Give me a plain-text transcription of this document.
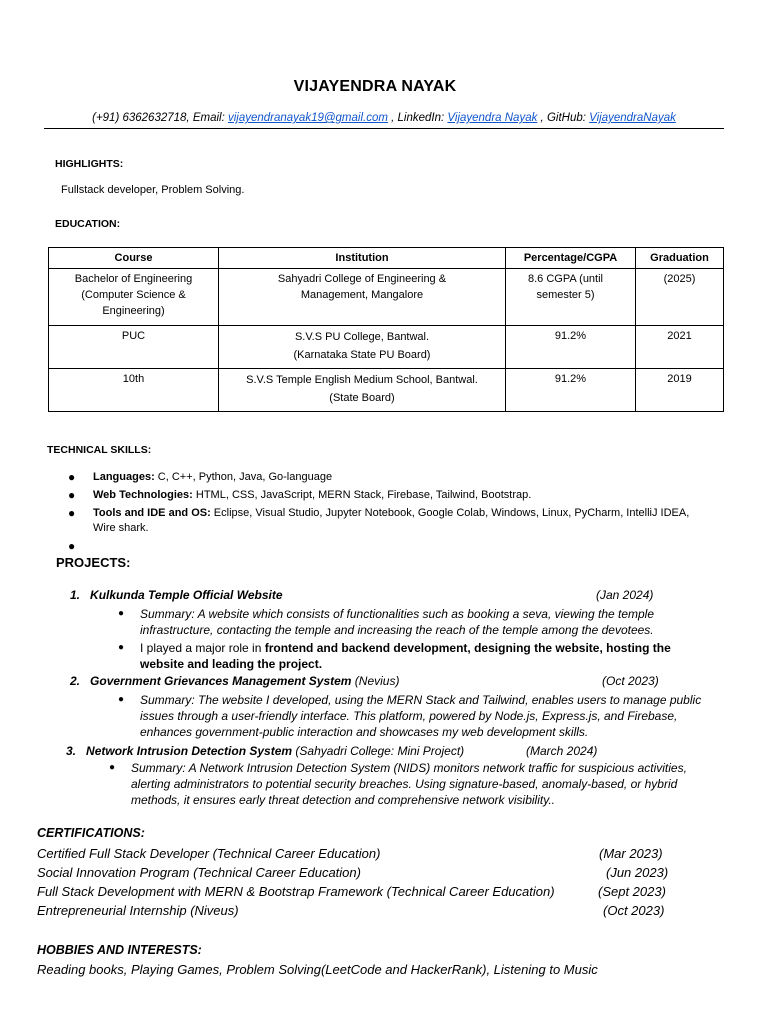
VIJAYENDRA NAYAK
(+91) 6362632718, Email: vijayendranayak19@gmail.com , LinkedIn: Vijayendra Nayak , GitHub: VijayendraNayak
HIGHLIGHTS:
Fullstack developer, Problem Solving.
EDUCATION:
Course	Institution	Percentage/CGPA	Graduation
Bachelor of Engineering (Computer Science & Engineering)	Sahyadri College of Engineering & Management, Mangalore	8.6 CGPA (until semester 5)	(2025)
PUC	S.V.S PU College, Bantwal. (Karnataka State PU Board)	91.2%	2021
10th	S.V.S Temple English Medium School, Bantwal. (State Board)	91.2%	2019
TECHNICAL SKILLS:
● Languages: C, C++, Python, Java, Go-language
● Web Technologies: HTML, CSS, JavaScript, MERN Stack, Firebase, Tailwind, Bootstrap.
● Tools and IDE and OS: Eclipse, Visual Studio, Jupyter Notebook, Google Colab, Windows, Linux, PyCharm, IntelliJ IDEA, Wire shark.
●
PROJECTS:
1. Kulkunda Temple Official Website	(Jan 2024)
● Summary: A website which consists of functionalities such as booking a seva, viewing the temple infrastructure, contacting the temple and increasing the reach of the temple among the devotees.
● I played a major role in frontend and backend development, designing the website, hosting the website and leading the project.
2. Government Grievances Management System (Nevius)	(Oct 2023)
● Summary: The website I developed, using the MERN Stack and Tailwind, enables users to manage public issues through a user-friendly interface. This platform, powered by Node.js, Express.js, and Firebase, enhances government-public interaction and showcases my web development skills.
3. Network Intrusion Detection System (Sahyadri College: Mini Project)	(March 2024)
● Summary: A Network Intrusion Detection System (NIDS) monitors network traffic for suspicious activities, alerting administrators to potential security breaches. Using signature-based, anomaly-based, or hybrid methods, it ensures early threat detection and comprehensive network visibility..
CERTIFICATIONS:
Certified Full Stack Developer (Technical Career Education)	(Mar 2023)
Social Innovation Program (Technical Career Education)	(Jun 2023)
Full Stack Development with MERN & Bootstrap Framework (Technical Career Education)	(Sept 2023)
Entrepreneurial Internship (Niveus)	(Oct 2023)
HOBBIES AND INTERESTS:
Reading books, Playing Games, Problem Solving(LeetCode and HackerRank), Listening to Music
